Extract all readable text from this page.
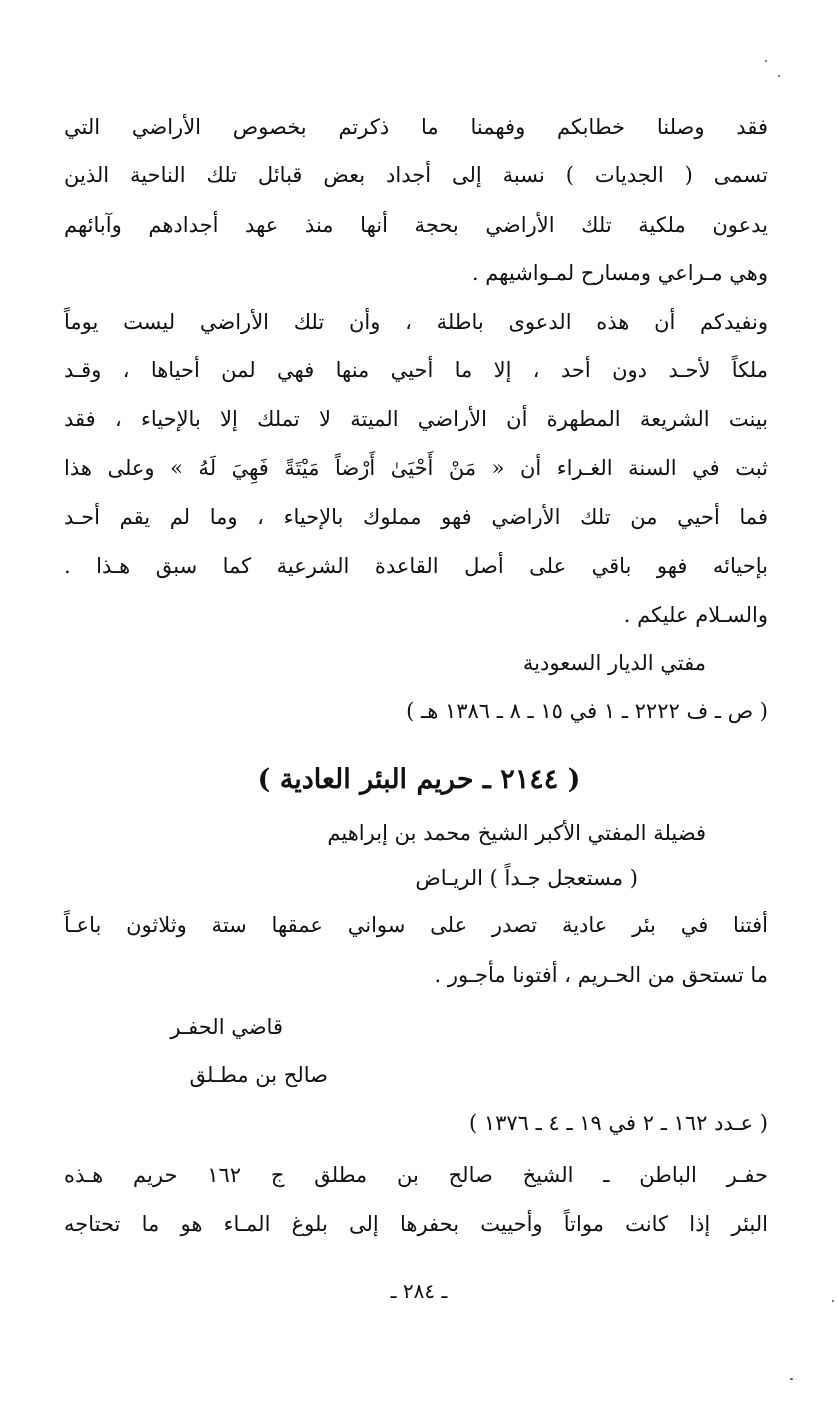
فقد وصلنا خطابكم وفهمنا ما ذكرتم بخصوص الأراضي التي
تسمى ( الجديات ) نسبة إلى أجداد بعض قبائل تلك الناحية الذين
يدعون ملكية تلك الأراضي بحجة أنها منذ عهد أجدادهم وآبائهم
وهي مـراعي ومسارح لمـواشيهم .
ونفيدكم أن هذه الدعوى باطلة ، وأن تلك الأراضي ليست يوماً
ملكاً لأحـد دون أحد ، إلا ما أحيي منها فهي لمن أحياها ، وقـد
بينت الشريعة المطهرة أن الأراضي الميتة لا تملك إلا بالإحياء ، فقد
ثبت في السنة الغـراء أن « مَنْ أَحْيَىٰ أَرْضاً مَيْتَةً فَهِيَ لَهُ » وعلى هذا
فما أحيي من تلك الأراضي فهو مملوك بالإحياء ، وما لم يقم أحـد
بإحيائه فهو باقي على أصل القاعدة الشرعية كما سبق هـذا .
والسـلام عليكم .
مفتي الديار السعودية
( ص ـ ف ٢٢٢٢ ـ ١ في ١٥ ـ ٨ ـ ١٣٨٦ هـ )
( ٢١٤٤ ـ حريم البئر العادية )
فضيلة المفتي الأكبر الشيخ محمد بن إبراهيم
( مستعجل جـداً ) الريـاض
أفتنا في بئر عادية تصدر على سواني عمقها ستة وثلاثون باعـاً
ما تستحق من الحـريم ، أفتونا مأجـور .
قاضي الحفـر
صالح بن مطـلق
( عـدد ١٦٢ ـ ٢ في ١٩ ـ ٤ ـ ١٣٧٦ )
حفـر الباطن ـ الشيخ صالح بن مطلق ج ١٦٢ حريم هـذه
البئر إذا كانت مواتاً وأحييت بحفرها إلى بلوغ المـاء هو ما تحتاجه
ـ ٢٨٤ ـ
